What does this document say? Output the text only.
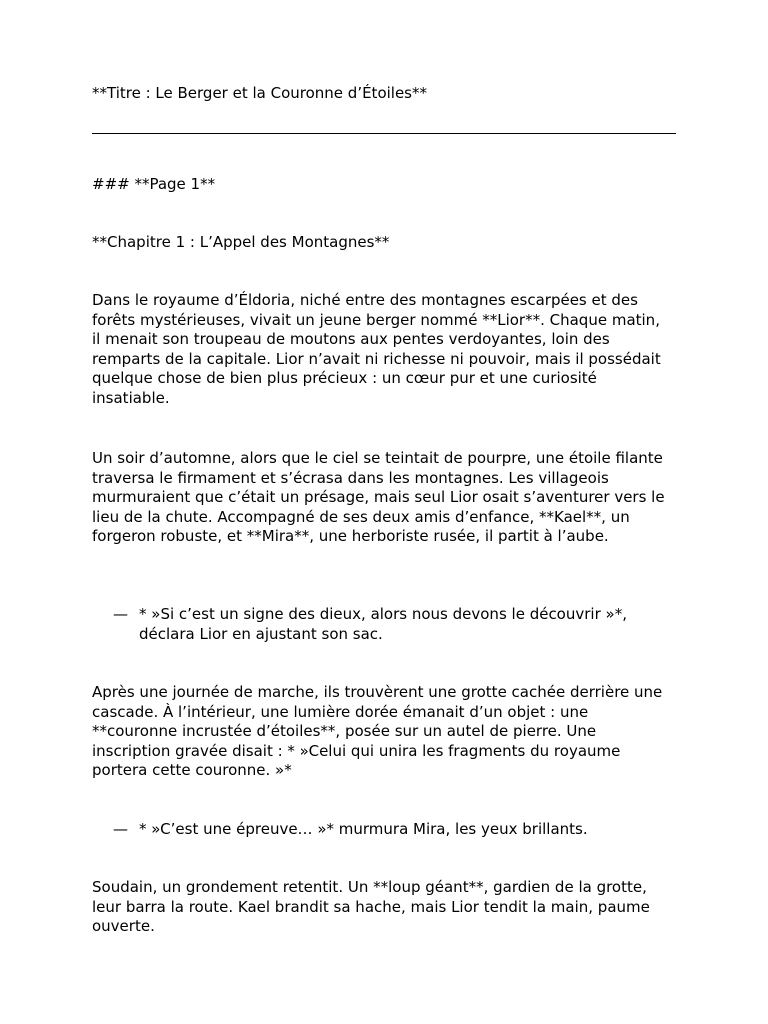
**Titre : Le Berger et la Couronne d’Étoiles**

### **Page 1**

**Chapitre 1 : L’Appel des Montagnes**

Dans le royaume d’Éldoria, niché entre des montagnes escarpées et des forêts mystérieuses, vivait un jeune berger nommé **Lior**. Chaque matin, il menait son troupeau de moutons aux pentes verdoyantes, loin des remparts de la capitale. Lior n’avait ni richesse ni pouvoir, mais il possédait quelque chose de bien plus précieux : un cœur pur et une curiosité insatiable.

Un soir d’automne, alors que le ciel se teintait de pourpre, une étoile filante traversa le firmament et s’écrasa dans les montagnes. Les villageois murmuraient que c’était un présage, mais seul Lior osait s’aventurer vers le lieu de la chute. Accompagné de ses deux amis d’enfance, **Kael**, un forgeron robuste, et **Mira**, une herboriste rusée, il partit à l’aube.

— * »Si c’est un signe des dieux, alors nous devons le découvrir »*, déclara Lior en ajustant son sac.

Après une journée de marche, ils trouvèrent une grotte cachée derrière une cascade. À l’intérieur, une lumière dorée émanait d’un objet : une **couronne incrustée d’étoiles**, posée sur un autel de pierre. Une inscription gravée disait : * »Celui qui unira les fragments du royaume portera cette couronne. »*

— * »C’est une épreuve… »* murmura Mira, les yeux brillants.

Soudain, un grondement retentit. Un **loup géant**, gardien de la grotte, leur barra la route. Kael brandit sa hache, mais Lior tendit la main, paume ouverte.
